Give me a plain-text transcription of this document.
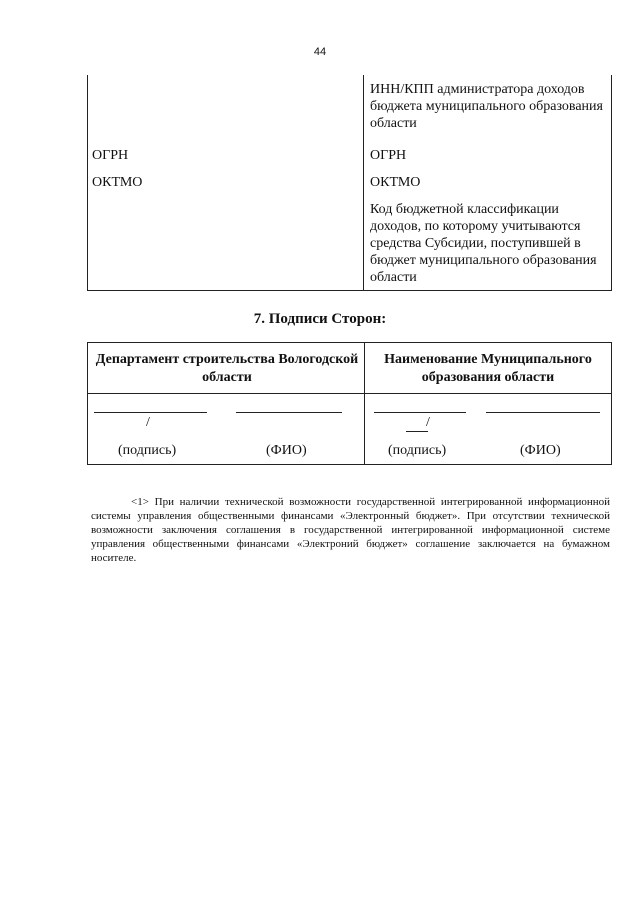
44
ОГРН
ОКТМО
ИНН/КПП администратора доходов бюджета муниципального образования области
ОГРН
ОКТМО
Код бюджетной классификации доходов, по которому учитываются средства Субсидии, поступившей в бюджет муниципального образования области
7. Подписи Сторон:
Департамент строительства Вологодской области
Наименование Муниципального образования области
/
(подпись)	(ФИО)
/
(подпись)	(ФИО)
<1> При наличии технической возможности государственной интегрированной информационной системы управления общественными финансами «Электронный бюджет». При отсутствии технической возможности заключения соглашения в государственной интегрированной информационной системе управления общественными финансами «Электроний бюджет» соглашение заключается на бумажном носителе.
